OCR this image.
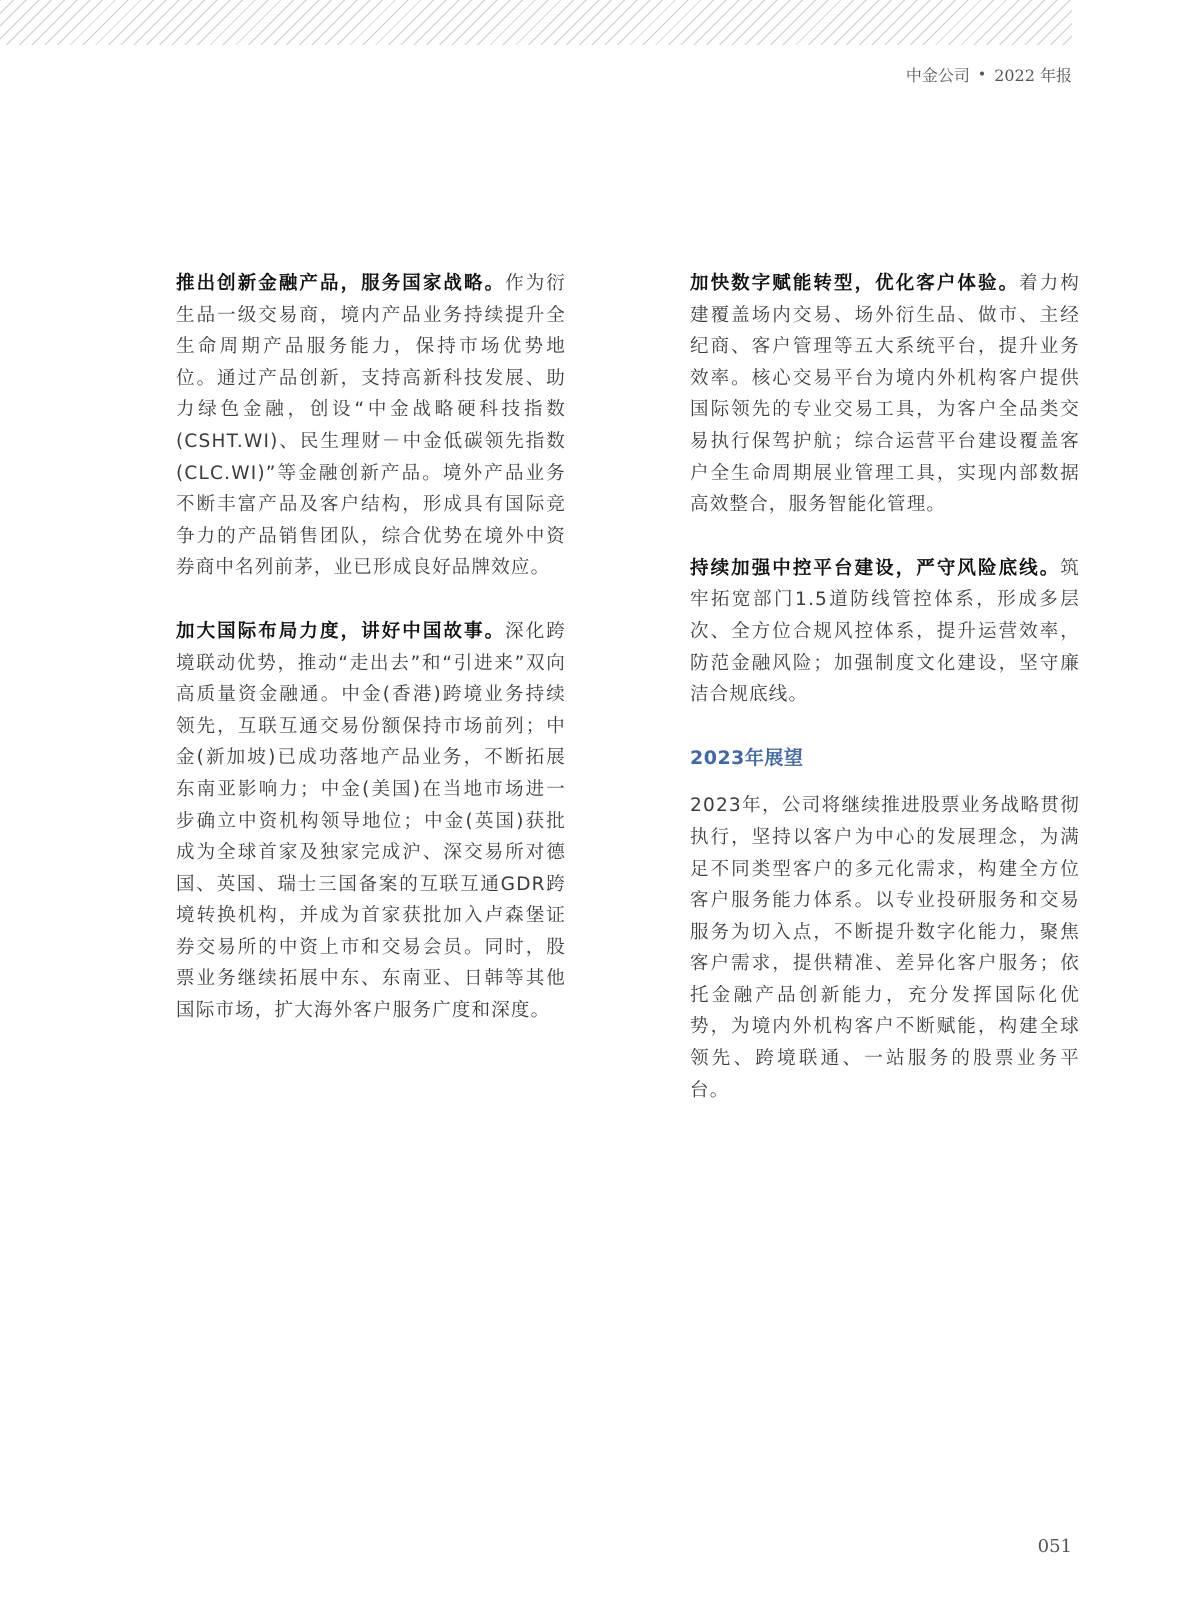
中金公司 • 2022 年报

推出创新金融产品，服务国家战略。作为衍生品一级交易商，境内产品业务持续提升全生命周期产品服务能力，保持市场优势地位。通过产品创新，支持高新科技发展、助力绿色金融，创设“中金战略硬科技指数(CSHT.WI)、民生理财－中金低碳领先指数(CLC.WI)”等金融创新产品。境外产品业务不断丰富产品及客户结构，形成具有国际竞争力的产品销售团队，综合优势在境外中资券商中名列前茅，业已形成良好品牌效应。

加大国际布局力度，讲好中国故事。深化跨境联动优势，推动“走出去”和“引进来”双向高质量资金融通。中金(香港)跨境业务持续领先，互联互通交易份额保持市场前列；中金(新加坡)已成功落地产品业务，不断拓展东南亚影响力；中金(美国)在当地市场进一步确立中资机构领导地位；中金(英国)获批成为全球首家及独家完成沪、深交易所对德国、英国、瑞士三国备案的互联互通GDR跨境转换机构，并成为首家获批加入卢森堡证券交易所的中资上市和交易会员。同时，股票业务继续拓展中东、东南亚、日韩等其他国际市场，扩大海外客户服务广度和深度。

加快数字赋能转型，优化客户体验。着力构建覆盖场内交易、场外衍生品、做市、主经纪商、客户管理等五大系统平台，提升业务效率。核心交易平台为境内外机构客户提供国际领先的专业交易工具，为客户全品类交易执行保驾护航；综合运营平台建设覆盖客户全生命周期展业管理工具，实现内部数据高效整合，服务智能化管理。

持续加强中控平台建设，严守风险底线。筑牢拓宽部门1.5道防线管控体系，形成多层次、全方位合规风控体系，提升运营效率，防范金融风险；加强制度文化建设，坚守廉洁合规底线。

2023年展望

2023年，公司将继续推进股票业务战略贯彻执行，坚持以客户为中心的发展理念，为满足不同类型客户的多元化需求，构建全方位客户服务能力体系。以专业投研服务和交易服务为切入点，不断提升数字化能力，聚焦客户需求，提供精准、差异化客户服务；依托金融产品创新能力，充分发挥国际化优势，为境内外机构客户不断赋能，构建全球领先、跨境联通、一站服务的股票业务平台。

051
